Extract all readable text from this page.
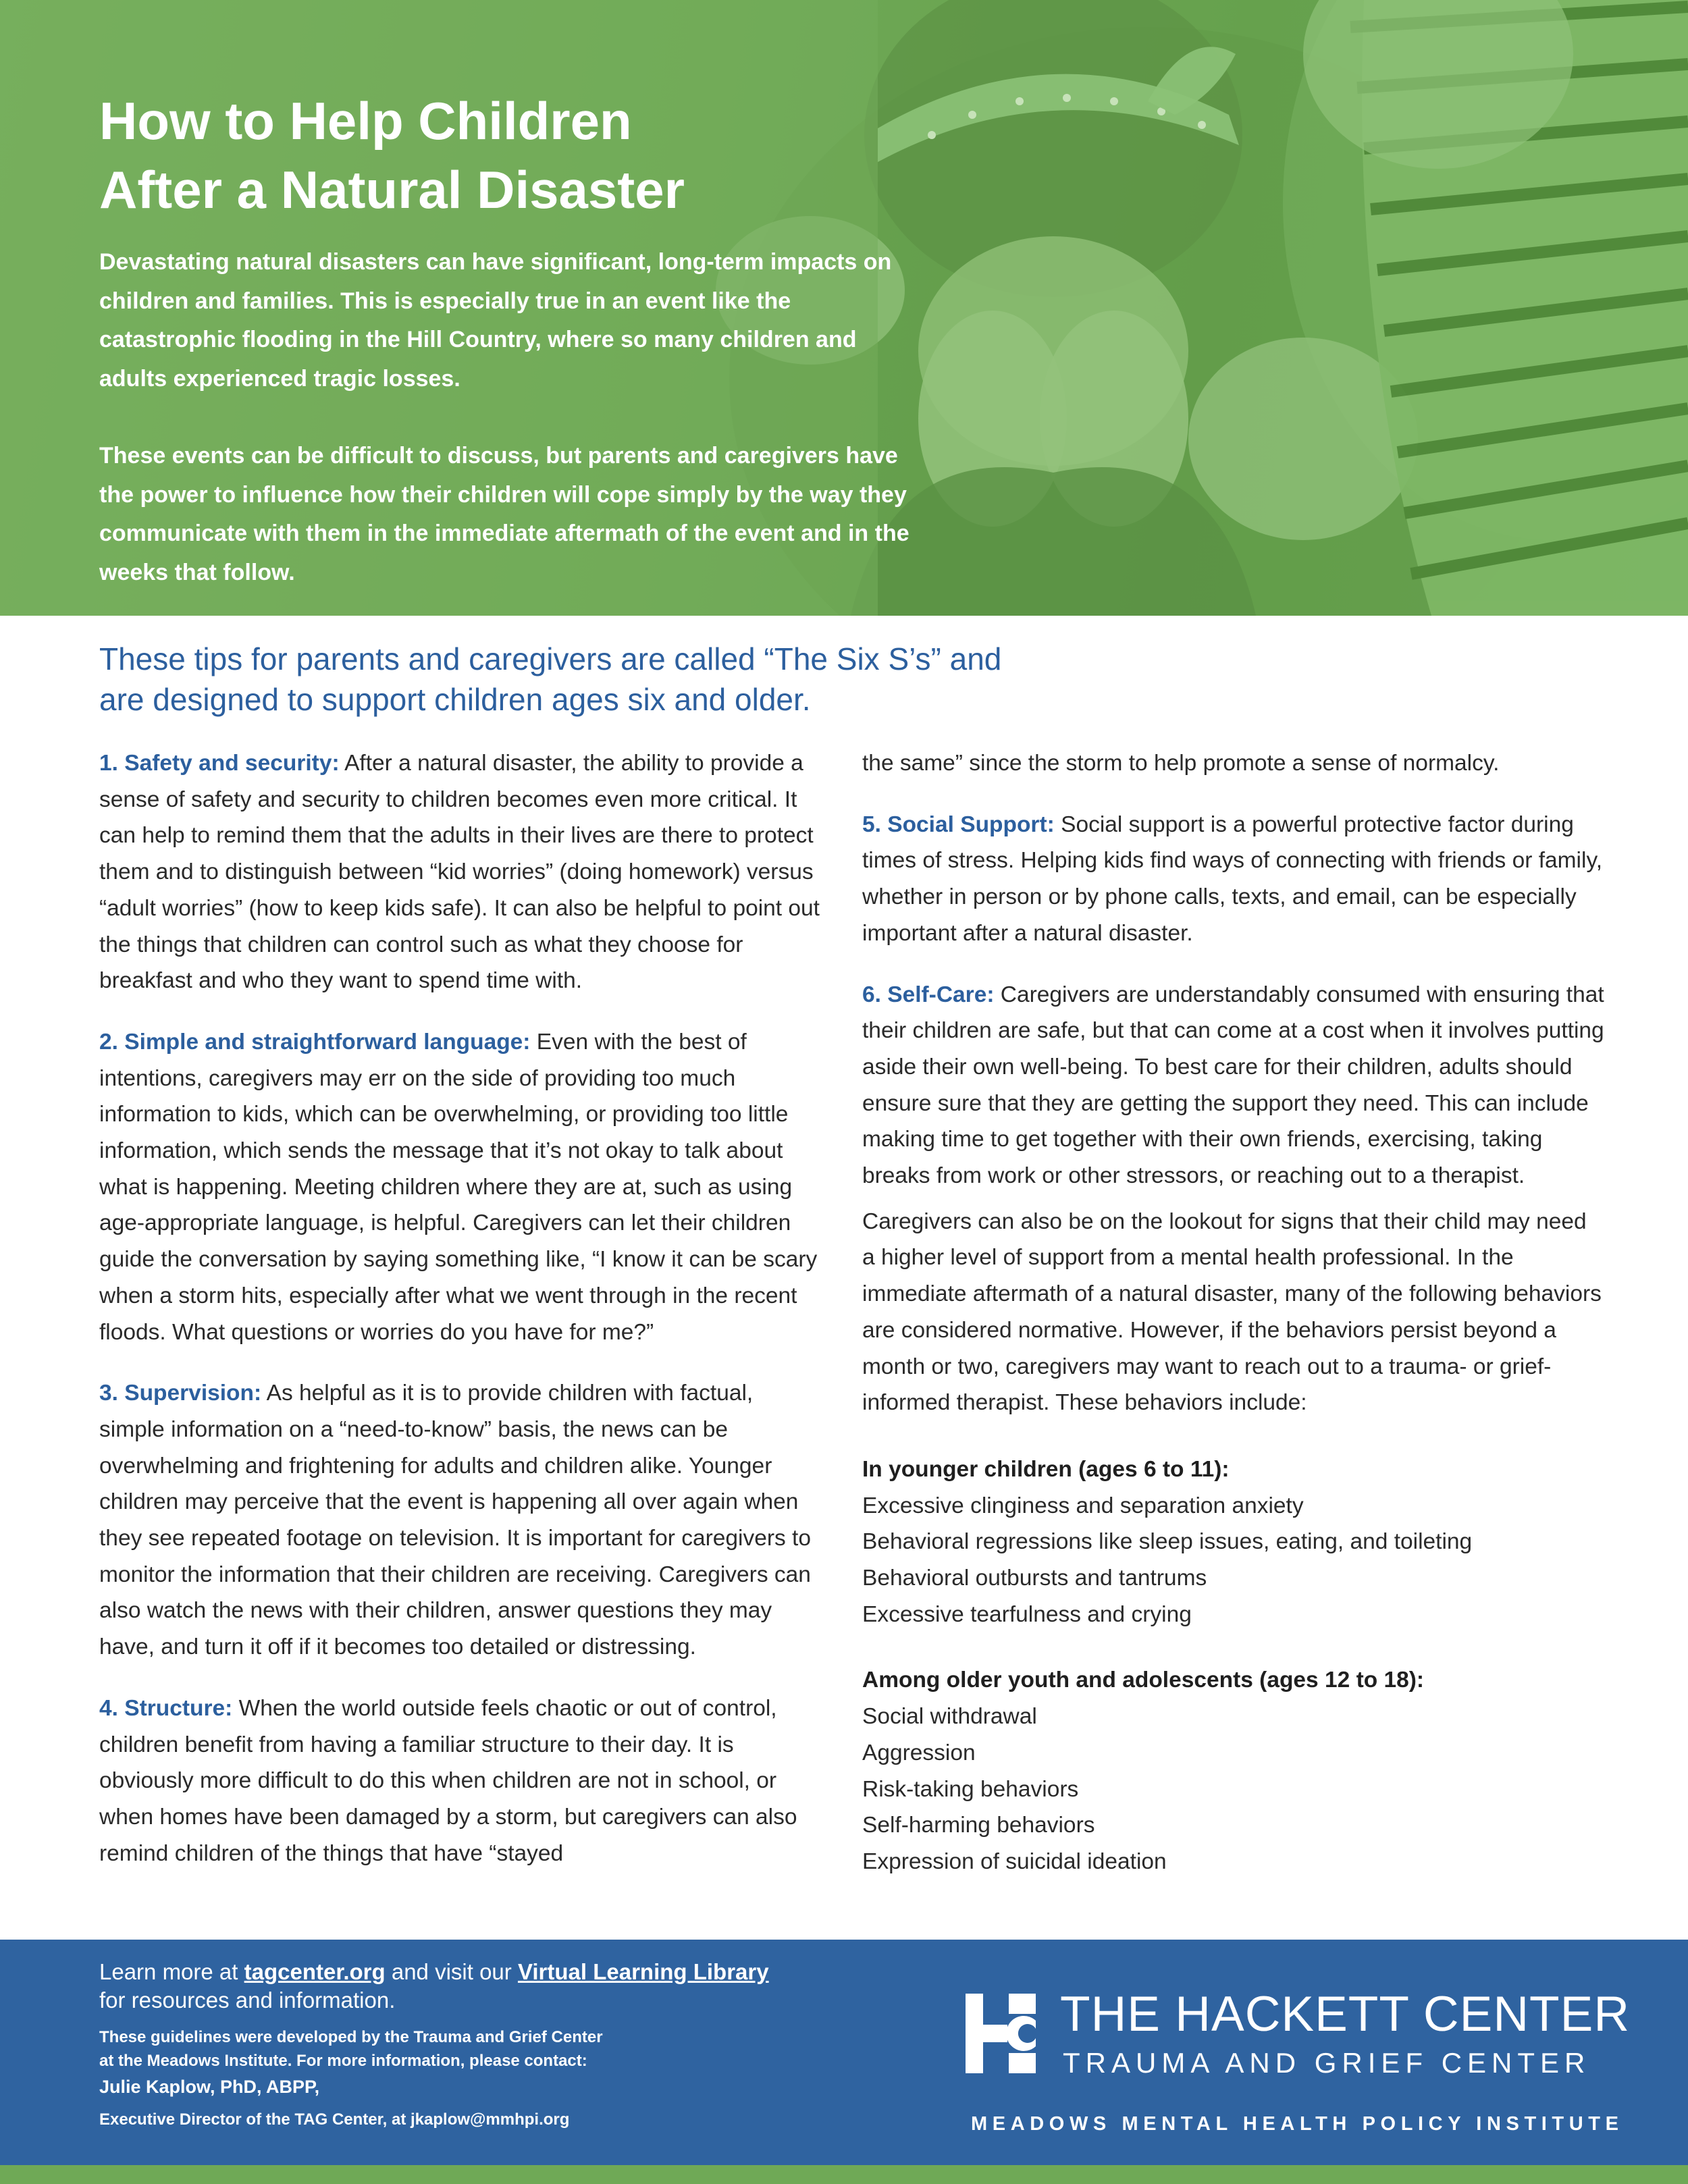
How to Help Children
After a Natural Disaster

Devastating natural disasters can have significant, long-term impacts on children and families. This is especially true in an event like the catastrophic flooding in the Hill Country, where so many children and adults experienced tragic losses.

These events can be difficult to discuss, but parents and caregivers have the power to influence how their children will cope simply by the way they communicate with them in the immediate aftermath of the event and in the weeks that follow.

These tips for parents and caregivers are called “The Six S’s” and
are designed to support children ages six and older.

1. Safety and security: After a natural disaster, the ability to provide a sense of safety and security to children becomes even more critical. It can help to remind them that the adults in their lives are there to protect them and to distinguish between “kid worries” (doing homework) versus “adult worries” (how to keep kids safe). It can also be helpful to point out the things that children can control such as what they choose for breakfast and who they want to spend time with.

2. Simple and straightforward language: Even with the best of intentions, caregivers may err on the side of providing too much information to kids, which can be overwhelming, or providing too little information, which sends the message that it’s not okay to talk about what is happening. Meeting children where they are at, such as using age-appropriate language, is helpful. Caregivers can let their children guide the conversation by saying something like, “I know it can be scary when a storm hits, especially after what we went through in the recent floods. What questions or worries do you have for me?”

3. Supervision: As helpful as it is to provide children with factual, simple information on a “need-to-know” basis, the news can be overwhelming and frightening for adults and children alike. Younger children may perceive that the event is happening all over again when they see repeated footage on television. It is important for caregivers to monitor the information that their children are receiving. Caregivers can also watch the news with their children, answer questions they may have, and turn it off if it becomes too detailed or distressing.

4. Structure: When the world outside feels chaotic or out of control, children benefit from having a familiar structure to their day. It is obviously more difficult to do this when children are not in school, or when homes have been damaged by a storm, but caregivers can also remind children of the things that have “stayed

the same” since the storm to help promote a sense of normalcy.

5. Social Support: Social support is a powerful protective factor during times of stress. Helping kids find ways of connecting with friends or family, whether in person or by phone calls, texts, and email, can be especially important after a natural disaster.

6. Self-Care: Caregivers are understandably consumed with ensuring that their children are safe, but that can come at a cost when it involves putting aside their own well-being. To best care for their children, adults should ensure sure that they are getting the support they need. This can include making time to get together with their own friends, exercising, taking breaks from work or other stressors, or reaching out to a therapist.

Caregivers can also be on the lookout for signs that their child may need a higher level of support from a mental health professional. In the immediate aftermath of a natural disaster, many of the following behaviors are considered normative. However, if the behaviors persist beyond a month or two, caregivers may want to reach out to a trauma- or grief-informed therapist. These behaviors include:

In younger children (ages 6 to 11):

Excessive clinginess and separation anxiety
Behavioral regressions like sleep issues, eating, and toileting
Behavioral outbursts and tantrums
Excessive tearfulness and crying

Among older youth and adolescents (ages 12 to 18):

Social withdrawal
Aggression
Risk-taking behaviors
Self-harming behaviors
Expression of suicidal ideation
Learn more at tagcenter.org and visit our Virtual Learning Library
for resources and information.
These guidelines were developed by the Trauma and Grief Center
at the Meadows Institute. For more information, please contact:
Julie Kaplow, PhD, ABPP,
Executive Director of the TAG Center, at jkaplow@mmhpi.org
THE HACKETT CENTER
TRAUMA AND GRIEF CENTER
MEADOWS MENTAL HEALTH POLICY INSTITUTE
